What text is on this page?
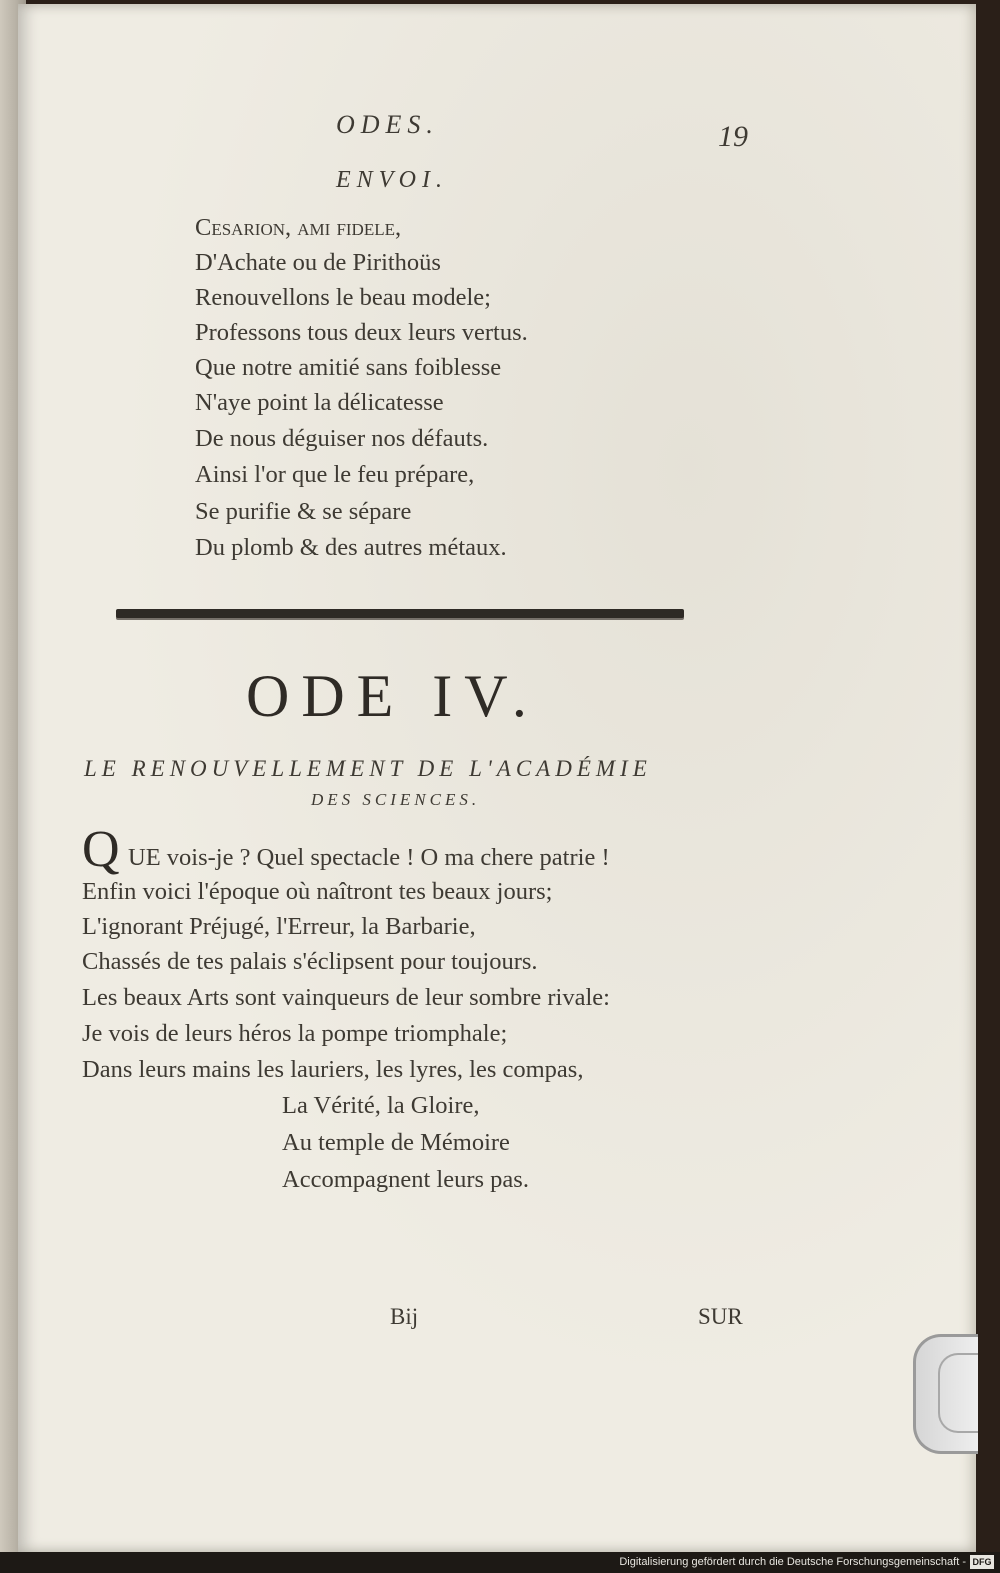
ODES.	19
ENVOI.
Cesarion, ami fidele,
D'Achate ou de Pirithoüs
Renouvellons le beau modele;
Professons tous deux leurs vertus.
Que notre amitié sans foiblesse
N'aye point la délicatesse
De nous déguiser nos défauts.
Ainsi l'or que le feu prépare,
Se purifie & se sépare
Du plomb & des autres métaux.
ODE IV.
LE RENOUVELLEMENT DE L'ACADÉMIE
DES SCIENCES.
Q UE vois-je ? Quel spectacle ! O ma chere patrie !
Enfin voici l'époque où naîtront tes beaux jours;
L'ignorant Préjugé, l'Erreur, la Barbarie,
Chassés de tes palais s'éclipsent pour toujours.
Les beaux Arts sont vainqueurs de leur sombre rivale:
Je vois de leurs héros la pompe triomphale;
Dans leurs mains les lauriers, les lyres, les compas,
La Vérité, la Gloire,
Au temple de Mémoire
Accompagnent leurs pas.
Bij	SUR
Digitalisierung gefördert durch die Deutsche Forschungsgemeinschaft - DFG
